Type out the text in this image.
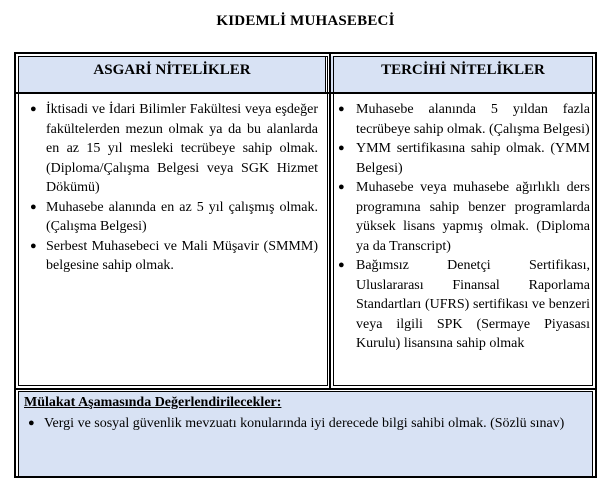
KIDEMLİ MUHASEBECİ
ASGARİ NİTELİKLER	TERCİHİ NİTELİKLER
● İktisadi ve İdari Bilimler Fakültesi veya eşdeğer fakültelerden mezun olmak ya da bu alanlarda en az 15 yıl mesleki tecrübeye sahip olmak. (Diploma/Çalışma Belgesi veya SGK Hizmet Dökümü)
● Muhasebe alanında en az 5 yıl çalışmış olmak. (Çalışma Belgesi)
● Serbest Muhasebeci ve Mali Müşavir (SMMM) belgesine sahip olmak.
● Muhasebe alanında 5 yıldan fazla tecrübeye sahip olmak. (Çalışma Belgesi)
● YMM sertifikasına sahip olmak. (YMM Belgesi)
● Muhasebe veya muhasebe ağırlıklı ders programına sahip benzer programlarda yüksek lisans yapmış olmak. (Diploma ya da Transcript)
● Bağımsız Denetçi Sertifikası, Uluslararası Finansal Raporlama Standartları (UFRS) sertifikası ve benzeri veya ilgili SPK (Sermaye Piyasası Kurulu) lisansına sahip olmak
Mülakat Aşamasında Değerlendirilecekler:
● Vergi ve sosyal güvenlik mevzuatı konularında iyi derecede bilgi sahibi olmak. (Sözlü sınav)
